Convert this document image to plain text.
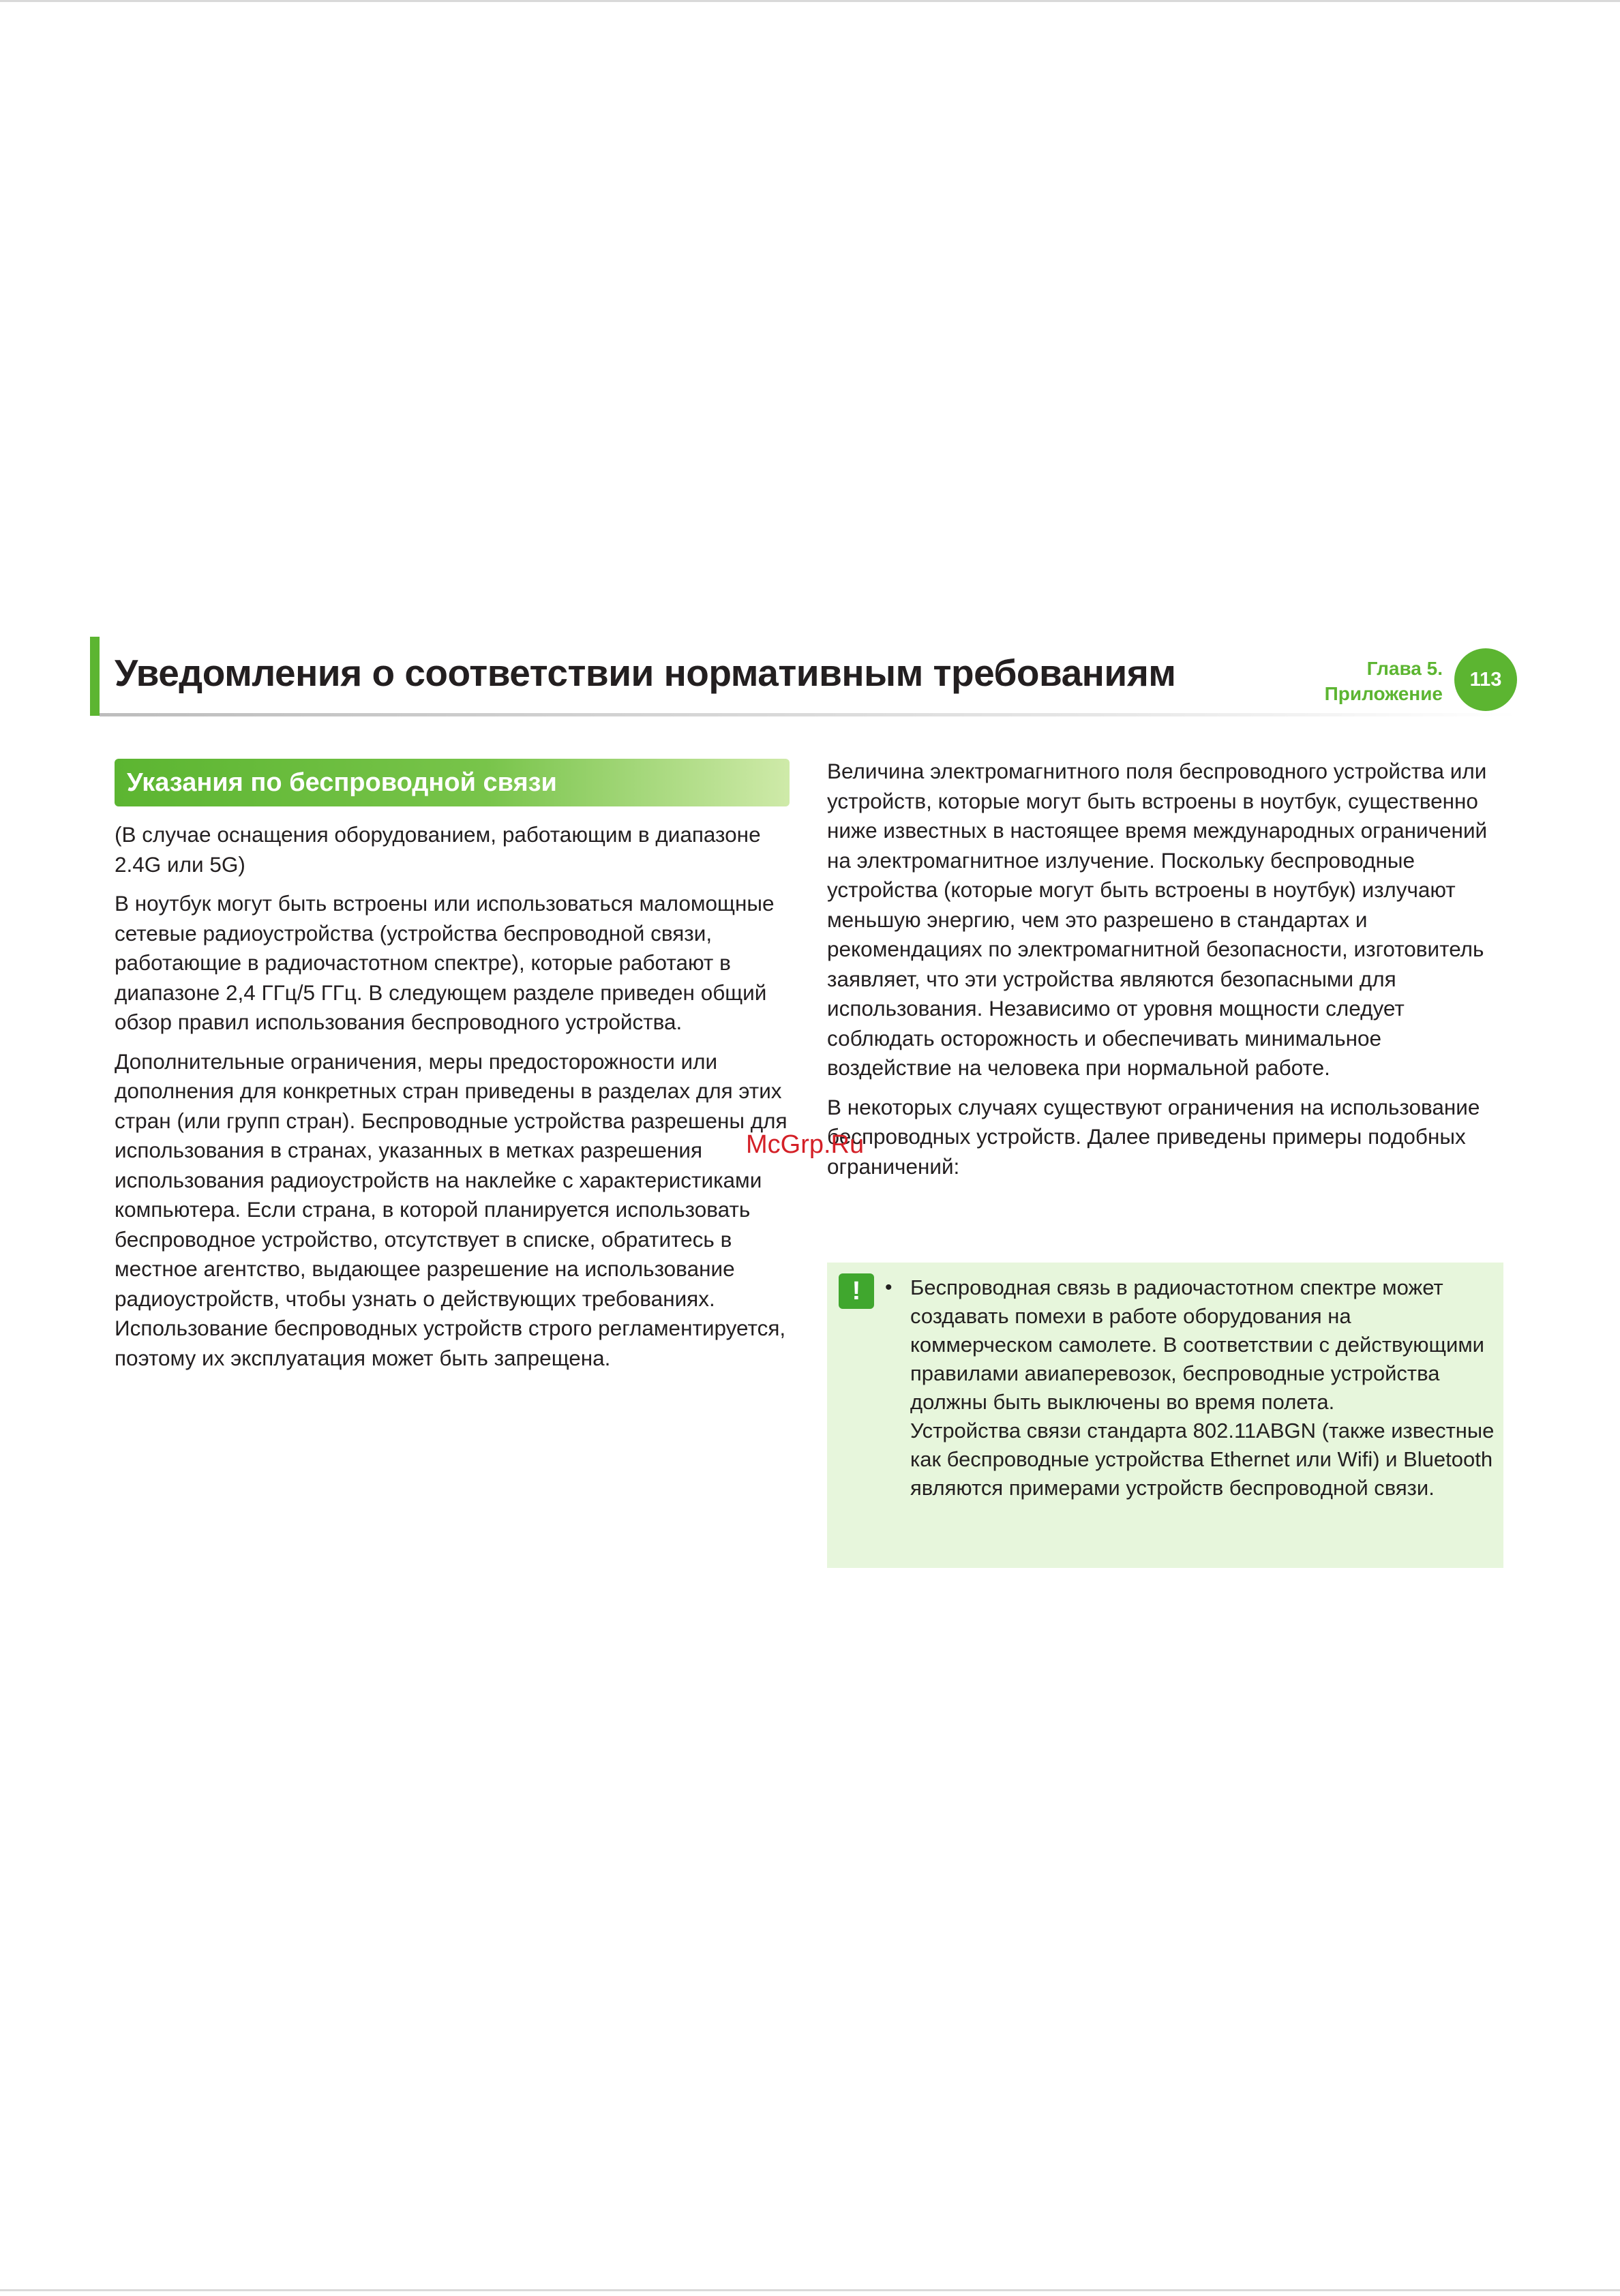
Уведомления о соответствии нормативным требованиям	Глава 5.
Приложение
113
Указания по беспроводной связи

(В случае оснащения оборудованием, работающим в диапазоне 2.4G или 5G)

В ноутбук могут быть встроены или использоваться маломощные сетевые радиоустройства (устройства беспроводной связи, работающие в радиочастотном спектре), которые работают в диапазоне 2,4 ГГц/5 ГГц. В следующем разделе приведен общий обзор правил использования беспроводного устройства.

Дополнительные ограничения, меры предосторожности или дополнения для конкретных стран приведены в разделах для этих стран (или групп стран). Беспроводные устройства разрешены для использования в странах, указанных в метках разрешения использования радиоустройств на наклейке с характеристиками компьютера. Если страна, в которой планируется использовать беспроводное устройство, отсутствует в списке, обратитесь в местное агентство, выдающее разрешение на использование радиоустройств, чтобы узнать о действующих требованиях. Использование беспроводных устройств строго регламентируется, поэтому их эксплуатация может быть запрещена.

Величина электромагнитного поля беспроводного устройства или устройств, которые могут быть встроены в ноутбук, существенно ниже известных в настоящее время международных ограничений на электромагнитное излучение. Поскольку беспроводные устройства (которые могут быть встроены в ноутбук) излучают меньшую энергию, чем это разрешено в стандартах и рекомендациях по электромагнитной безопасности, изготовитель заявляет, что эти устройства являются безопасными для использования. Независимо от уровня мощности следует соблюдать осторожность и обеспечивать минимальное воздействие на человека при нормальной работе.

В некоторых случаях существуют ограничения на использование беспроводных устройств. Далее приведены примеры подобных ограничений:

!	• Беспроводная связь в радиочастотном спектре может создавать помехи в работе оборудования на коммерческом самолете. В соответствии с действующими правилами авиаперевозок, беспроводные устройства должны быть выключены во время полета.

Устройства связи стандарта 802.11ABGN (также известные как беспроводные устройства Ethernet или Wifi) и Bluetooth являются примерами устройств беспроводной связи.

McGrp.Ru
